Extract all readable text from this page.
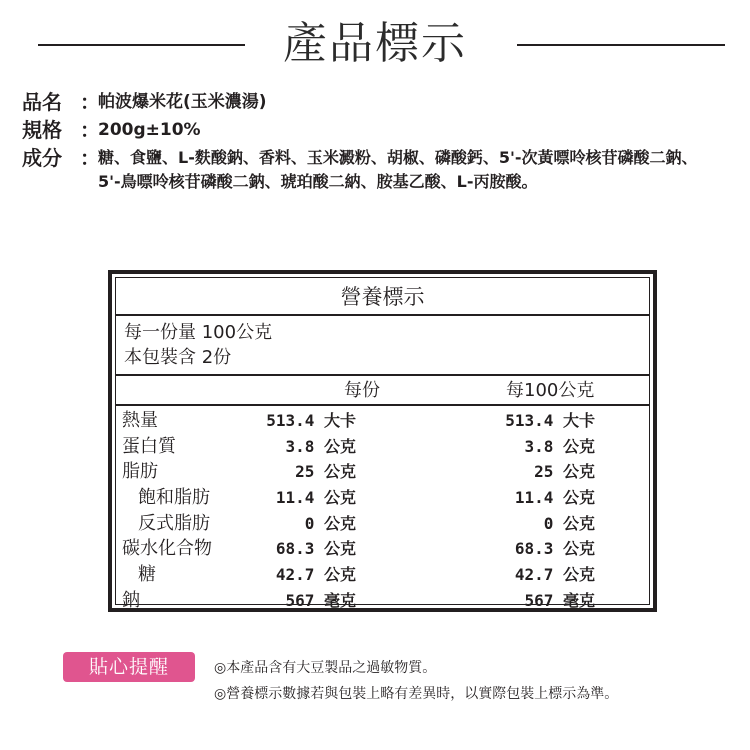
產品標示
品名 ：
帕波爆米花(玉米濃湯)
規格 ：
200g±10%
成分 ：
糖、食鹽、L-麩酸鈉、香料、玉米澱粉、胡椒、磷酸鈣、5'-次黃嘌呤核苷磷酸二鈉、5'-鳥嘌呤核苷磷酸二鈉、琥珀酸二納、胺基乙酸、L-丙胺酸。
營養標示
每一份量 100公克
本包裝含 2份
每份	每100公克
熱量	513.4 大卡	513.4 大卡
蛋白質	3.8 公克	3.8 公克
脂肪	25 公克	25 公克
飽和脂肪	11.4 公克	11.4 公克
反式脂肪	0 公克	0 公克
碳水化合物	68.3 公克	68.3 公克
糖	42.7 公克	42.7 公克
鈉	567 毫克	567 毫克
貼心提醒	◎本產品含有大豆製品之過敏物質。
◎營養標示數據若與包裝上略有差異時，以實際包裝上標示為準。
